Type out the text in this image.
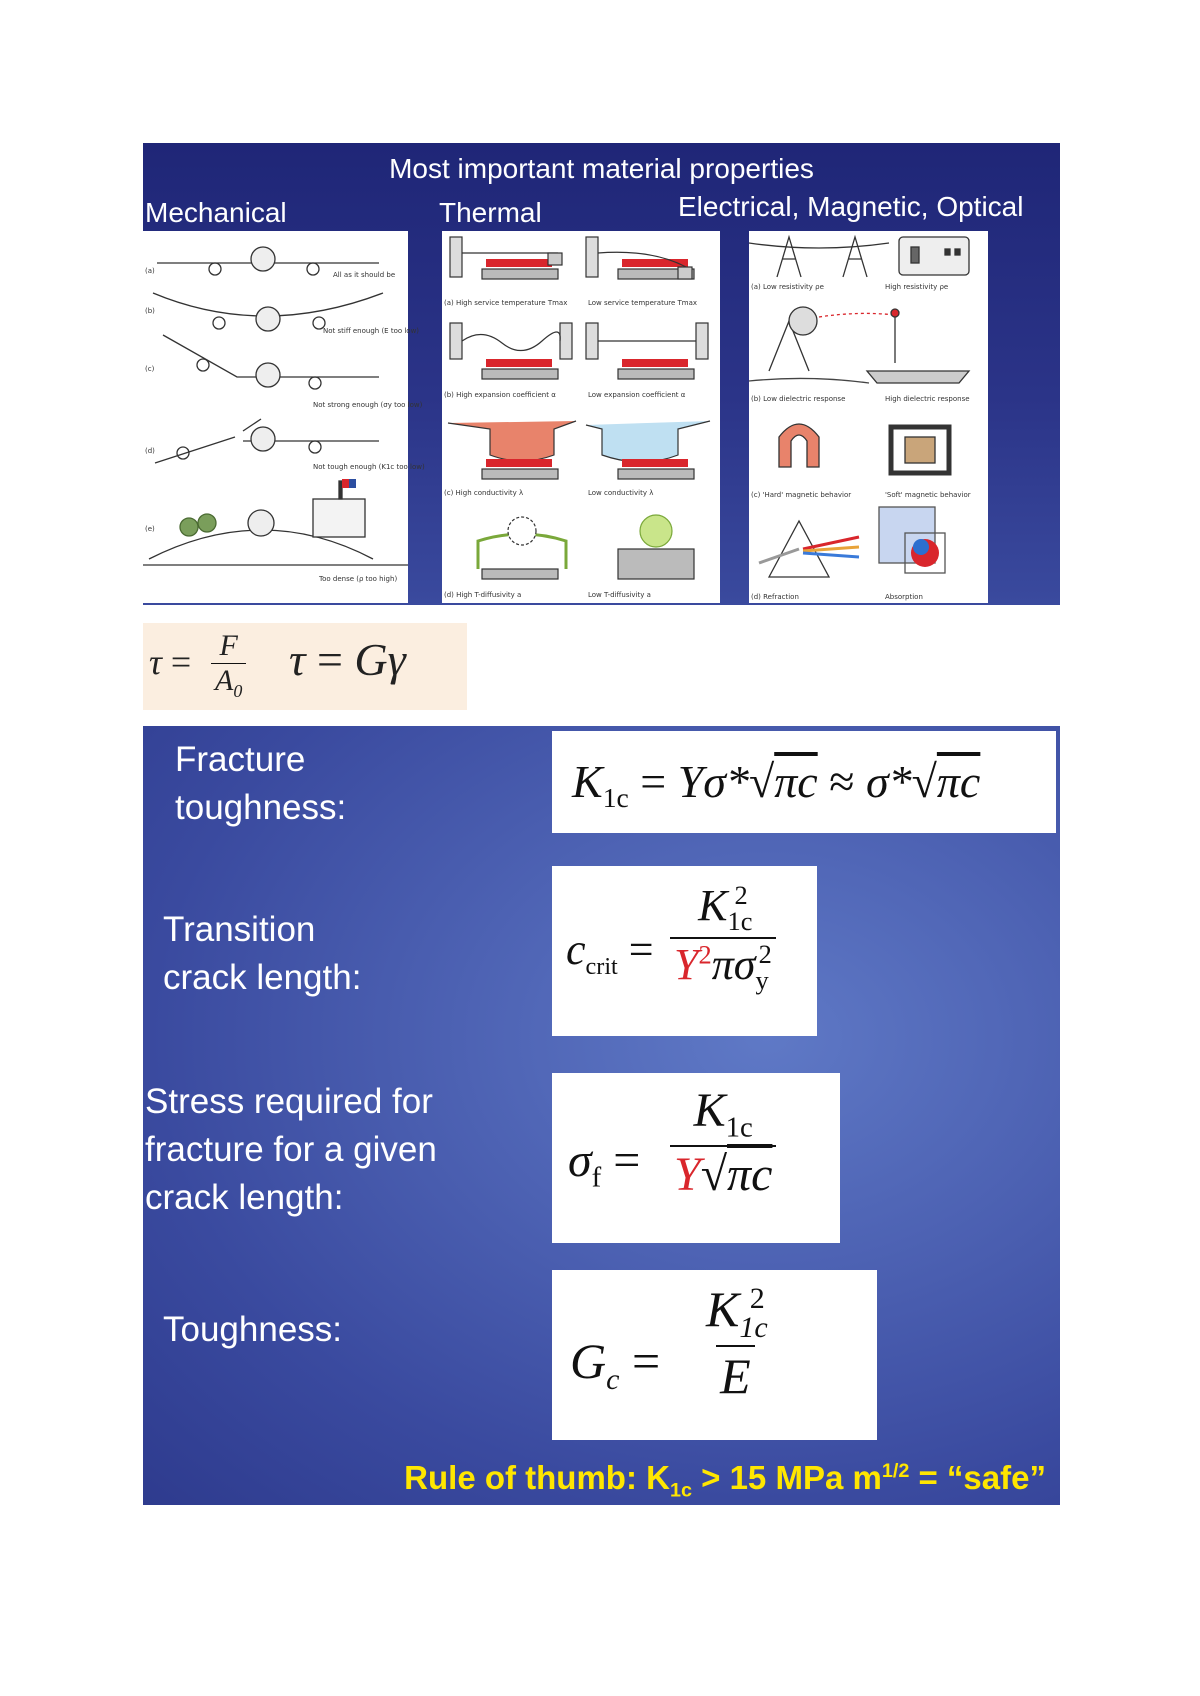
Most important material properties
Mechanical	Thermal	Electrical, Magnetic, Optical
(a)
(b)
(c)
(d)
(e)
All as it should be
Not stiff enough (E too low)
Not strong enough (σy too low)
Not tough enough (K1c too low)
Too dense (ρ too high)
(a) High service temperature Tmax	Low service temperature Tmax
(b) High expansion coefficient α	Low expansion coefficient α
(c) High conductivity λ	Low conductivity λ
(d) High T-diffusivity a	Low T-diffusivity a
(a) Low resistivity ρe	High resistivity ρe
(b) Low dielectric response	High dielectric response
(c) 'Hard' magnetic behavior	'Soft' magnetic behavior
(d) Refraction	Absorption
$\tau = \frac{F}{A_0}$ τ = Gγ
Fracture
toughness:
$K_{1c} = Y\sigma*√\pi c \approx \sigma*√\pi c$
Transition
crack length:
$c_{crit}$ =
$K_{1c}^2$
$Y^2\pi\sigma_y^2$
Stress required for
fracture for a given
crack length:
$\sigma_f = \frac{K_{1c}}{Y√\pi c}$
Toughness:
$G_c = \frac{K_{1c}^2}{E}$
Rule of thumb: $K_{1c} > 15$ MPa $m^{1/2}$ = “safe”
